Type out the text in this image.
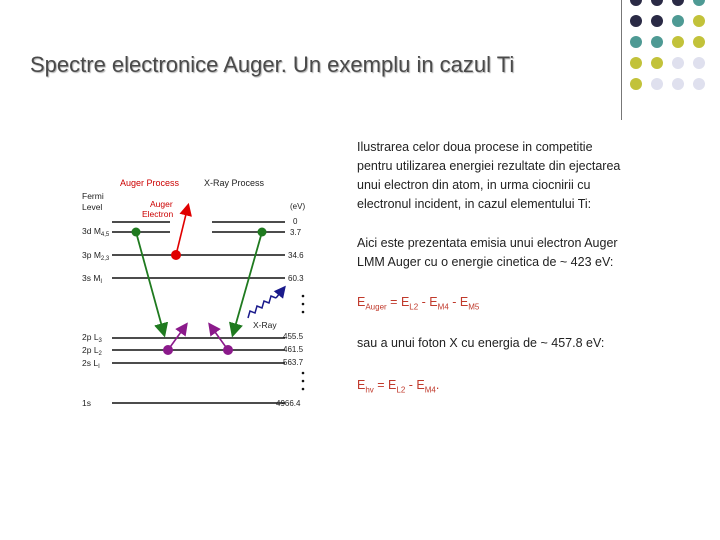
Spectre electronice Auger. Un exemplu in cazul Ti
Auger Process	X-Ray Process
(eV)
Fermi
Level	Auger
Electron
3d $M_{4,5}$
3p $M_{2,3}$
3s $M_I$
2p $L_3$
2p $L_2$
2s $L_I$
1s
0
3.7
34.6
60.3
455.5
461.5
563.7
4966.4
X-Ray

Ilustrarea celor doua procese in competitie

pentru utilizarea energiei rezultate din ejectarea

unui electron din atom, in urma ciocnirii cu

electronul incident, in cazul elementului Ti:

Aici este prezentata emisia unui electron Auger

LMM Auger cu o energie cinetica de ~ 423 eV:

$E_{Auger} = E_{L2} - E_{M4} - E_{M5}$
sau a unui foton X cu energia de ~ 457.8 eV:
$E_{hv} = E_{L2} - E_{M4}$.
